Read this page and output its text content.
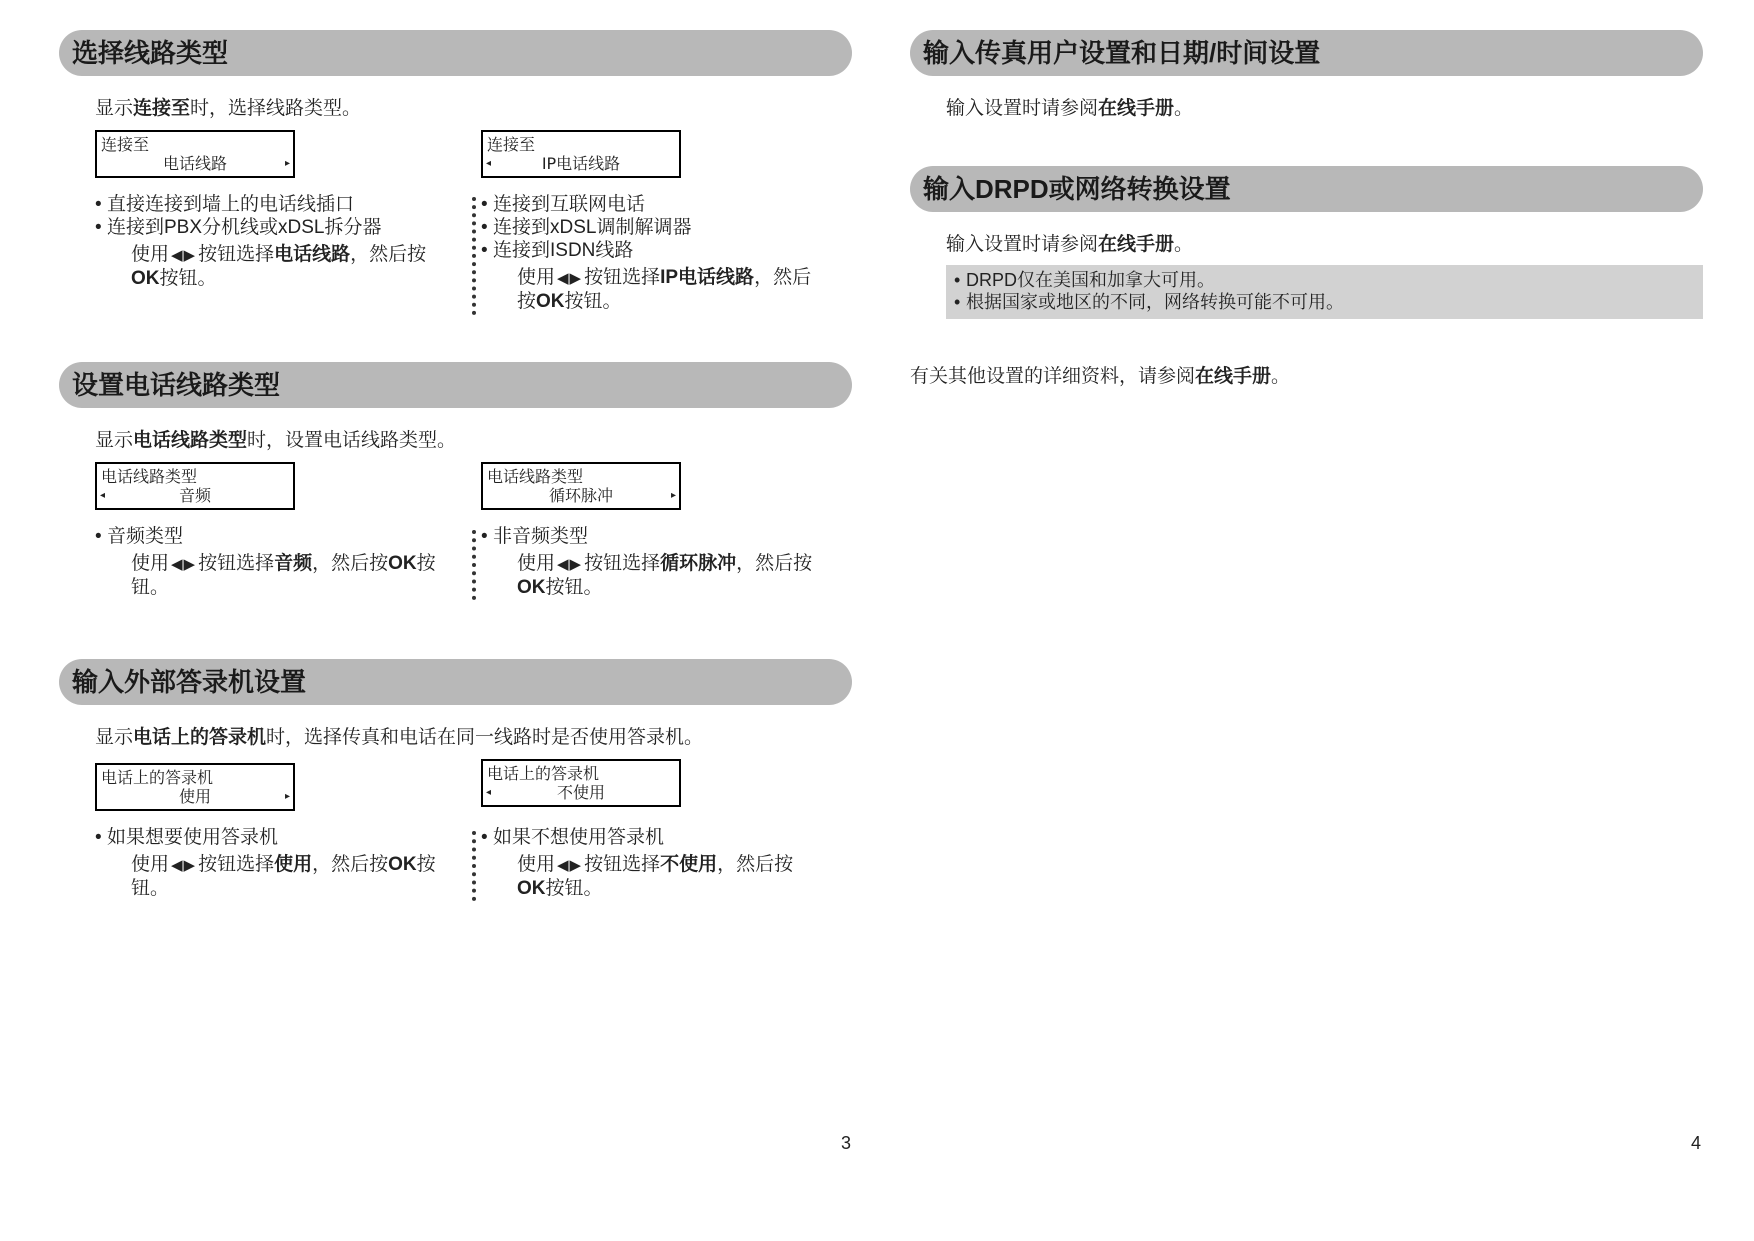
选择线路类型
显示连接至时，选择线路类型。
连接至
电话线路	▸
连接至
IP电话线路
◂
• 直接连接到墙上的电话线插口
• 连接到PBX分机线或xDSL拆分器
使用 ◀▶ 按钮选择电话线路，然后按
OK按钮。
• 连接到互联网电话
• 连接到xDSL调制解调器
• 连接到ISDN线路
使用 ◀▶ 按钮选择IP电话线路，然后
按OK按钮。
设置电话线路类型
显示电话线路类型时，设置电话线路类型。
电话线路类型
音频
◂
电话线路类型
循环脉冲	▸
• 音频类型
使用 ◀▶ 按钮选择音频，然后按OK按钮。
• 非音频类型
使用 ◀▶ 按钮选择循环脉冲，然后按
OK按钮。
输入外部答录机设置
显示电话上的答录机时，选择传真和电话在同一线路时是否使用答录机。
电话上的答录机
使用	▸
电话上的答录机
不使用
◂
• 如果想要使用答录机
使用 ◀▶ 按钮选择使用，然后按OK按钮。
• 如果不想使用答录机
使用 ◀▶ 按钮选择不使用，然后按
OK按钮。
3
输入传真用户设置和日期/时间设置
输入设置时请参阅在线手册。
输入DRPD或网络转换设置
输入设置时请参阅在线手册。
• DRPD仅在美国和加拿大可用。
• 根据国家或地区的不同，网络转换可能不可用。
有关其他设置的详细资料，请参阅在线手册。
4
